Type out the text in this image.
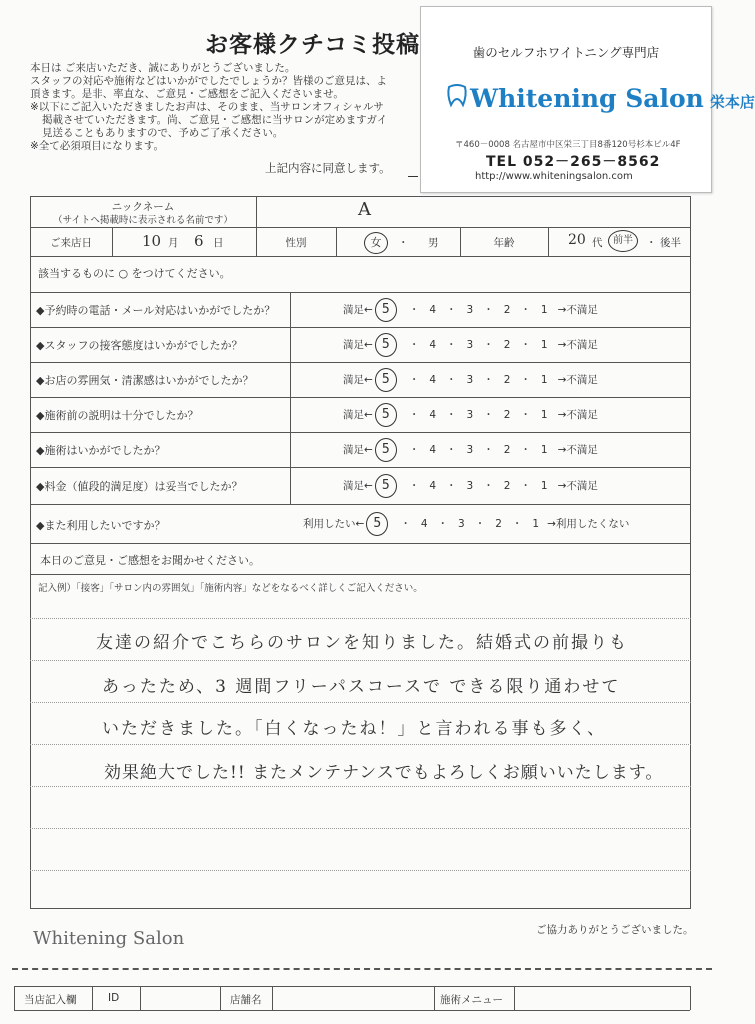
お客様クチコミ投稿
本日は ご来店いただき、誠にありがとうございました。
スタッフの対応や施術などはいかがでしたでしょうか？皆様のご意見は、よ
頂きます。是非、率直な、ご意見・ご感想をご記入くださいませ。
※以下にご記入いただきましたお声は、そのまま、当サロンオフィシャルサ
掲載させていただきます。尚、ご意見・ご感想に当サロンが定めますガイ
見送ることもありますので、予めご了承ください。
※全て必須項目になります。
上記内容に同意します。
歯のセルフホワイトニング専門店
Whitening Salon 栄本店
〒460－0008 名古屋市中区栄三丁目8番120号杉本ビル4F
TEL 052－265－8562
http://www.whiteningsalon.com
ニックネーム
（サイトへ掲載時に表示される名前です）
A
ご来店日	10 月 6 日	性別	女	・ 男	年齢	20 代	前半	・ 後半
該当するものに ○ をつけてください。
◆予約時の電話・メール対応はいかがでしたか？	満足← 5 ・ 4 ・ 3 ・ 2 ・ 1 →不満足
◆スタッフの接客態度はいかがでしたか？	満足← 5 ・ 4 ・ 3 ・ 2 ・ 1 →不満足
◆お店の雰囲気・清潔感はいかがでしたか？	満足← 5 ・ 4 ・ 3 ・ 2 ・ 1 →不満足
◆施術前の説明は十分でしたか？	満足← 5 ・ 4 ・ 3 ・ 2 ・ 1 →不満足
◆施術はいかがでしたか？	満足← 5 ・ 4 ・ 3 ・ 2 ・ 1 →不満足
◆料金（値段的満足度）は妥当でしたか？	満足← 5 ・ 4 ・ 3 ・ 2 ・ 1 →不満足
◆また利用したいですか？	利用したい← 5 ・ 4 ・ 3 ・ 2 ・ 1 →利用したくない
本日のご意見・ご感想をお聞かせください。
記入例）「接客」「サロン内の雰囲気」「施術内容」などをなるべく詳しくご記入ください。
友達の紹介でこちらのサロンを知りました。結婚式の前撮りも
あったため、3 週間フリーパスコースで できる限り通わせて
いただきました。「白くなったね！」と言われる事も多く、
効果絶大でした!! またメンテナンスでもよろしくお願いいたします。
Whitening Salon	ご協力ありがとうございました。
当店記入欄	ID	店舗名	施術メニュー
